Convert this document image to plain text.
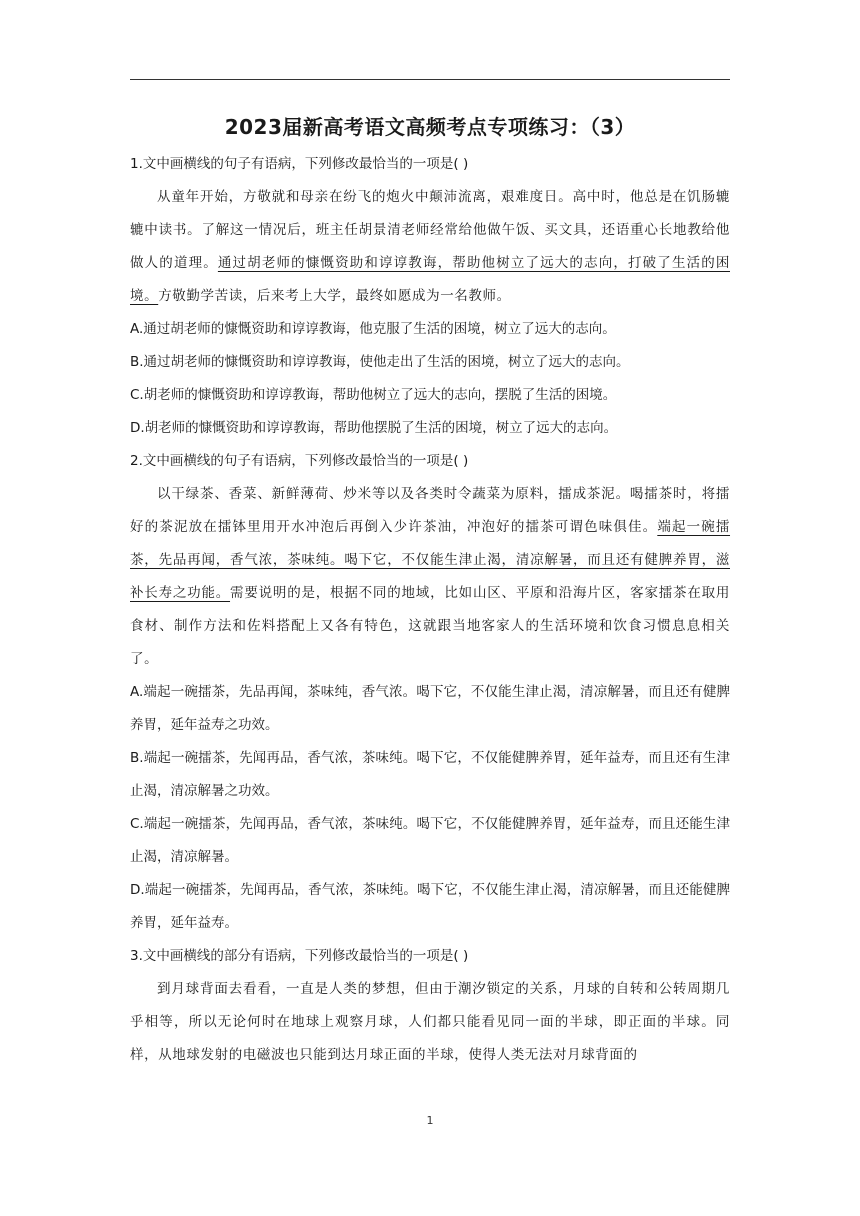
2023届新高考语文高频考点专项练习：（3）

1.文中画横线的句子有语病，下列修改最恰当的一项是( )

从童年开始，方敬就和母亲在纷飞的炮火中颠沛流离，艰难度日。高中时，他总是在饥肠辘辘中读书。了解这一情况后，班主任胡景清老师经常给他做午饭、买文具，还语重心长地教给他做人的道理。通过胡老师的慷慨资助和谆谆教诲，帮助他树立了远大的志向，打破了生活的困境。方敬勤学苦读，后来考上大学，最终如愿成为一名教师。

A.通过胡老师的慷慨资助和谆谆教诲，他克服了生活的困境，树立了远大的志向。

B.通过胡老师的慷慨资助和谆谆教诲，使他走出了生活的困境，树立了远大的志向。

C.胡老师的慷慨资助和谆谆教诲，帮助他树立了远大的志向，摆脱了生活的困境。

D.胡老师的慷慨资助和谆谆教诲，帮助他摆脱了生活的困境，树立了远大的志向。

2.文中画横线的句子有语病，下列修改最恰当的一项是( )

以干绿茶、香菜、新鲜薄荷、炒米等以及各类时令蔬菜为原料，擂成茶泥。喝擂茶时，将擂好的茶泥放在擂钵里用开水冲泡后再倒入少许茶油，冲泡好的擂茶可谓色味俱佳。端起一碗擂茶，先品再闻，香气浓，茶味纯。喝下它，不仅能生津止渴，清凉解暑，而且还有健脾养胃，滋补长寿之功能。需要说明的是，根据不同的地域，比如山区、平原和沿海片区，客家擂茶在取用食材、制作方法和佐料搭配上又各有特色，这就跟当地客家人的生活环境和饮食习惯息息相关了。

A.端起一碗擂茶，先品再闻，茶味纯，香气浓。喝下它，不仅能生津止渴，清凉解暑，而且还有健脾养胃，延年益寿之功效。

B.端起一碗擂茶，先闻再品，香气浓，茶味纯。喝下它，不仅能健脾养胃，延年益寿，而且还有生津止渴，清凉解暑之功效。

C.端起一碗擂茶，先闻再品，香气浓，茶味纯。喝下它，不仅能健脾养胃，延年益寿，而且还能生津止渴，清凉解暑。

D.端起一碗擂茶，先闻再品，香气浓，茶味纯。喝下它，不仅能生津止渴，清凉解暑，而且还能健脾养胃，延年益寿。

3.文中画横线的部分有语病，下列修改最恰当的一项是( )

到月球背面去看看，一直是人类的梦想，但由于潮汐锁定的关系，月球的自转和公转周期几乎相等，所以无论何时在地球上观察月球，人们都只能看见同一面的半球，即正面的半球。同样，从地球发射的电磁波也只能到达月球正面的半球，使得人类无法对月球背面的

1
